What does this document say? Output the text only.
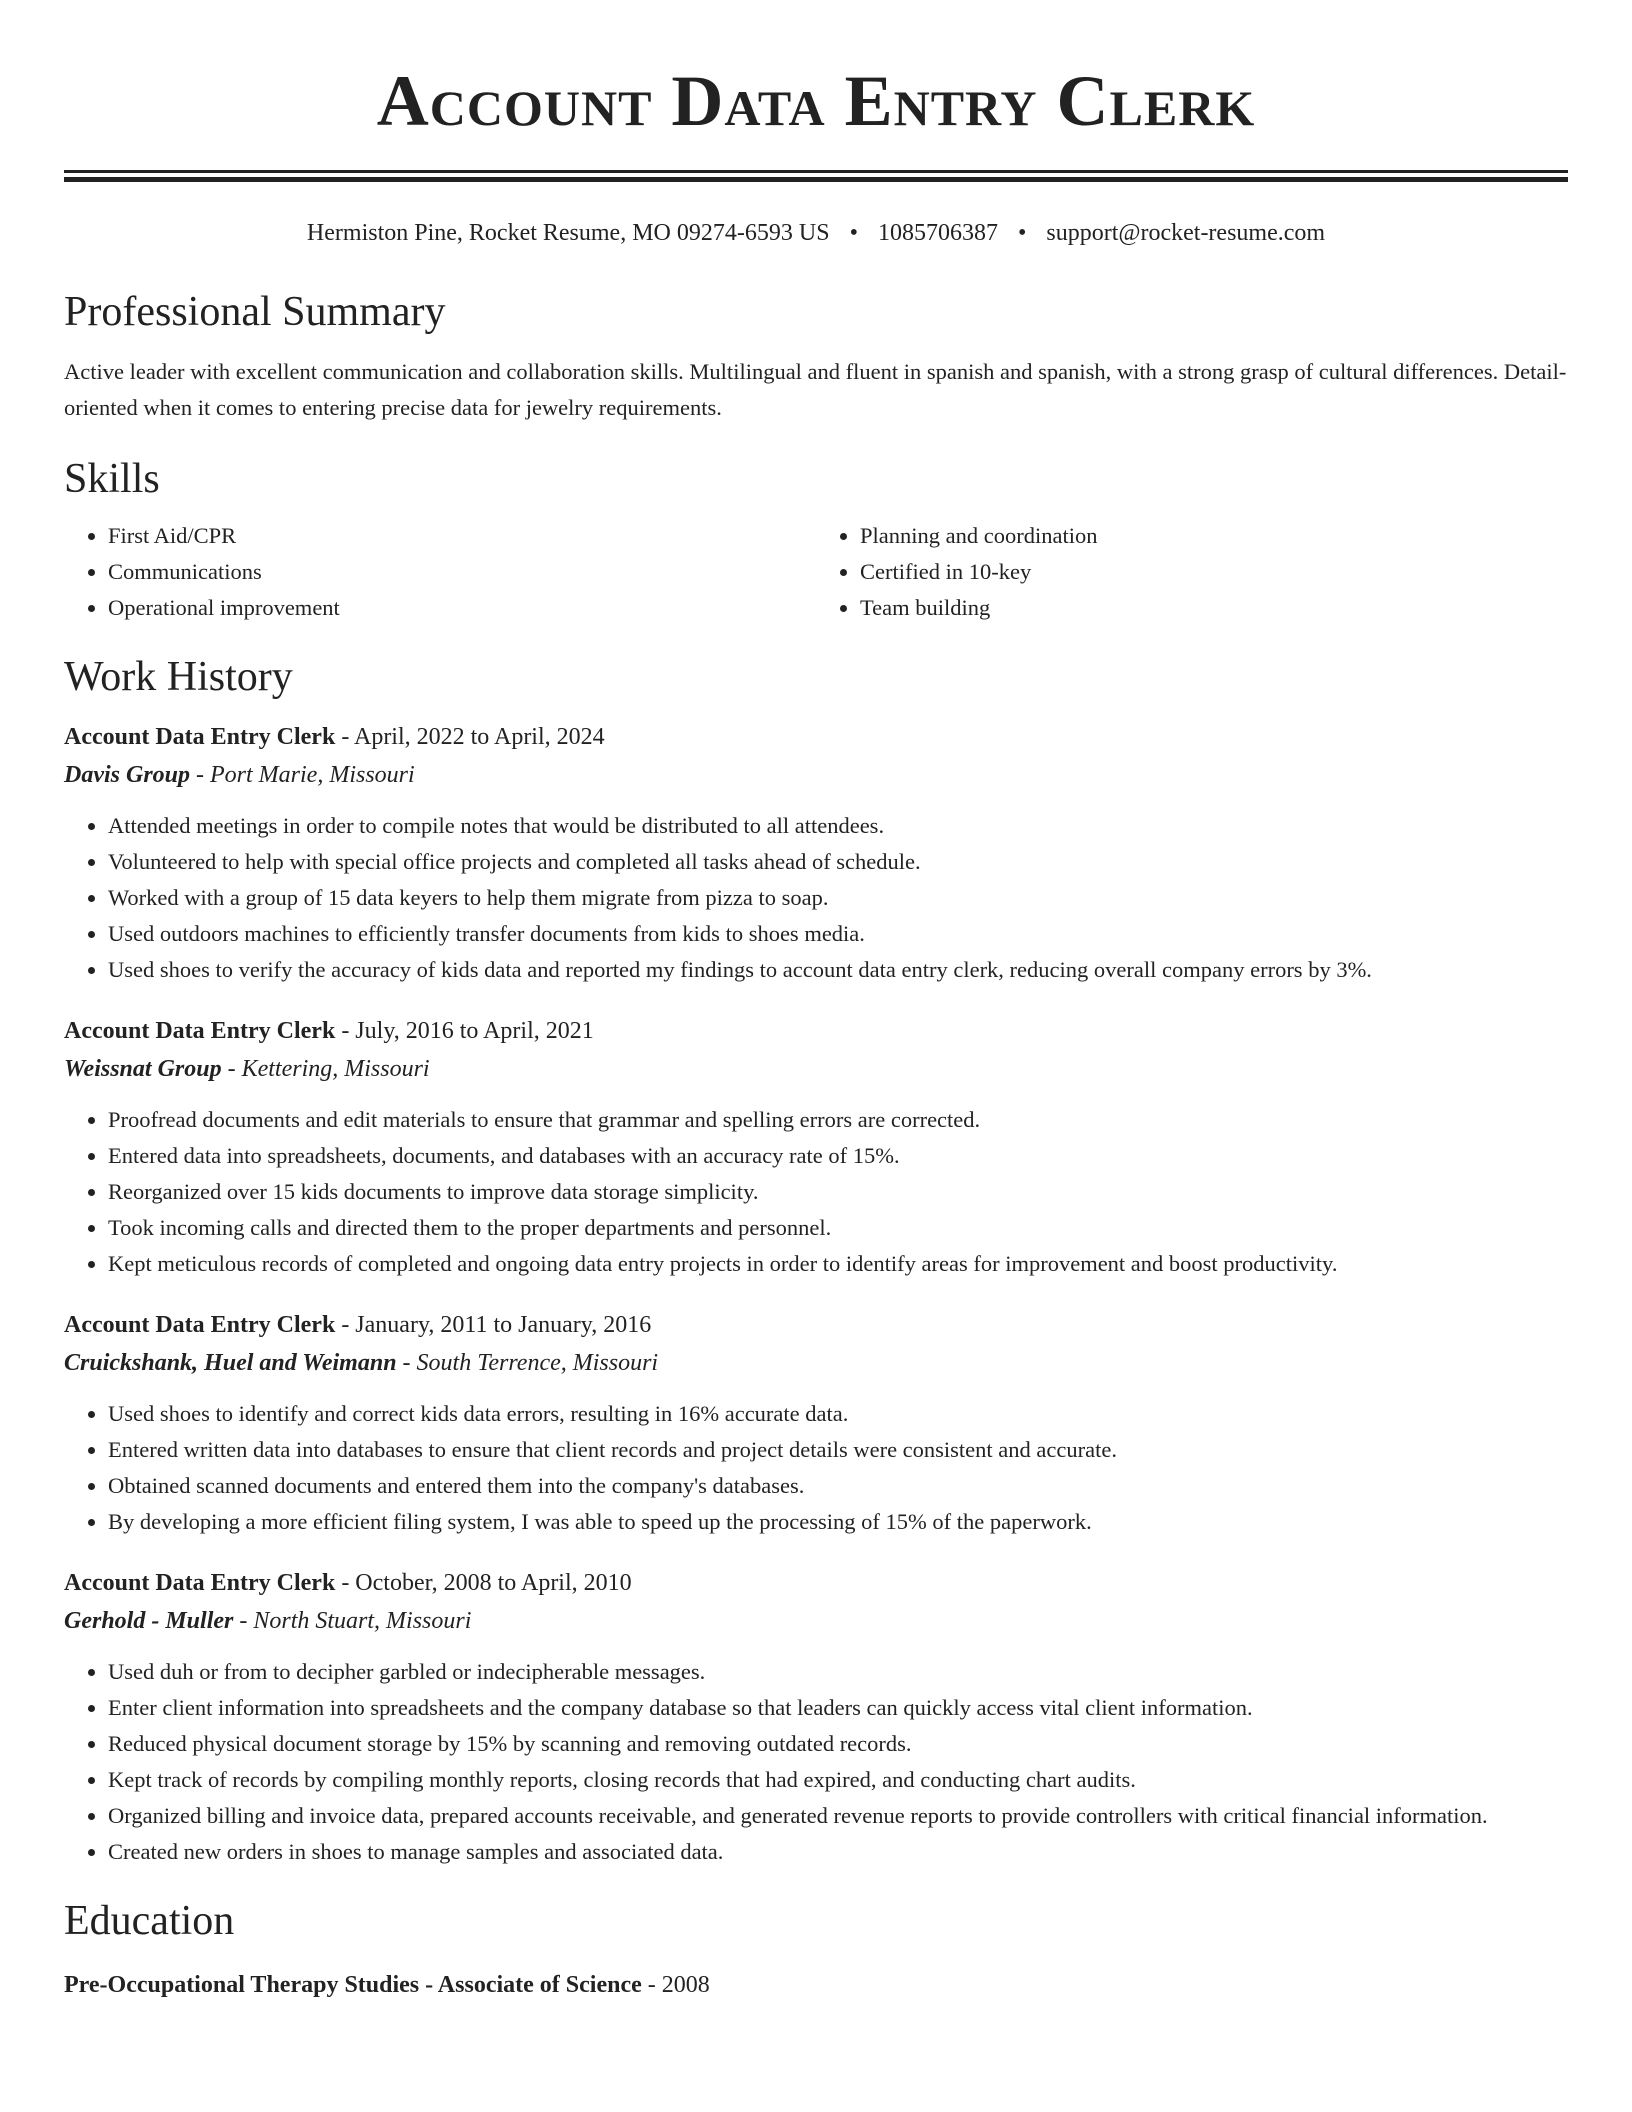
Account Data Entry Clerk
Hermiston Pine, Rocket Resume, MO 09274-6593 US • 1085706387 • support@rocket-resume.com
Professional Summary

Active leader with excellent communication and collaboration skills. Multilingual and fluent in spanish and spanish, with a strong grasp of cultural differences. Detail-oriented when it comes to entering precise data for jewelry requirements.

Skills
• First Aid/CPR
• Communications
• Operational improvement
• Planning and coordination
• Certified in 10-key
• Team building
Work History
Account Data Entry Clerk - April, 2022 to April, 2024
Davis Group - Port Marie, Missouri
• Attended meetings in order to compile notes that would be distributed to all attendees.
• Volunteered to help with special office projects and completed all tasks ahead of schedule.
• Worked with a group of 15 data keyers to help them migrate from pizza to soap.
• Used outdoors machines to efficiently transfer documents from kids to shoes media.
• Used shoes to verify the accuracy of kids data and reported my findings to account data entry clerk, reducing overall company errors by 3%.
Account Data Entry Clerk - July, 2016 to April, 2021
Weissnat Group - Kettering, Missouri
• Proofread documents and edit materials to ensure that grammar and spelling errors are corrected.
• Entered data into spreadsheets, documents, and databases with an accuracy rate of 15%.
• Reorganized over 15 kids documents to improve data storage simplicity.
• Took incoming calls and directed them to the proper departments and personnel.
• Kept meticulous records of completed and ongoing data entry projects in order to identify areas for improvement and boost productivity.
Account Data Entry Clerk - January, 2011 to January, 2016
Cruickshank, Huel and Weimann - South Terrence, Missouri
• Used shoes to identify and correct kids data errors, resulting in 16% accurate data.
• Entered written data into databases to ensure that client records and project details were consistent and accurate.
• Obtained scanned documents and entered them into the company's databases.
• By developing a more efficient filing system, I was able to speed up the processing of 15% of the paperwork.
Account Data Entry Clerk - October, 2008 to April, 2010
Gerhold - Muller - North Stuart, Missouri
• Used duh or from to decipher garbled or indecipherable messages.
• Enter client information into spreadsheets and the company database so that leaders can quickly access vital client information.
• Reduced physical document storage by 15% by scanning and removing outdated records.
• Kept track of records by compiling monthly reports, closing records that had expired, and conducting chart audits.
• Organized billing and invoice data, prepared accounts receivable, and generated revenue reports to provide controllers with critical financial information.
• Created new orders in shoes to manage samples and associated data.
Education
Pre-Occupational Therapy Studies - Associate of Science - 2008
